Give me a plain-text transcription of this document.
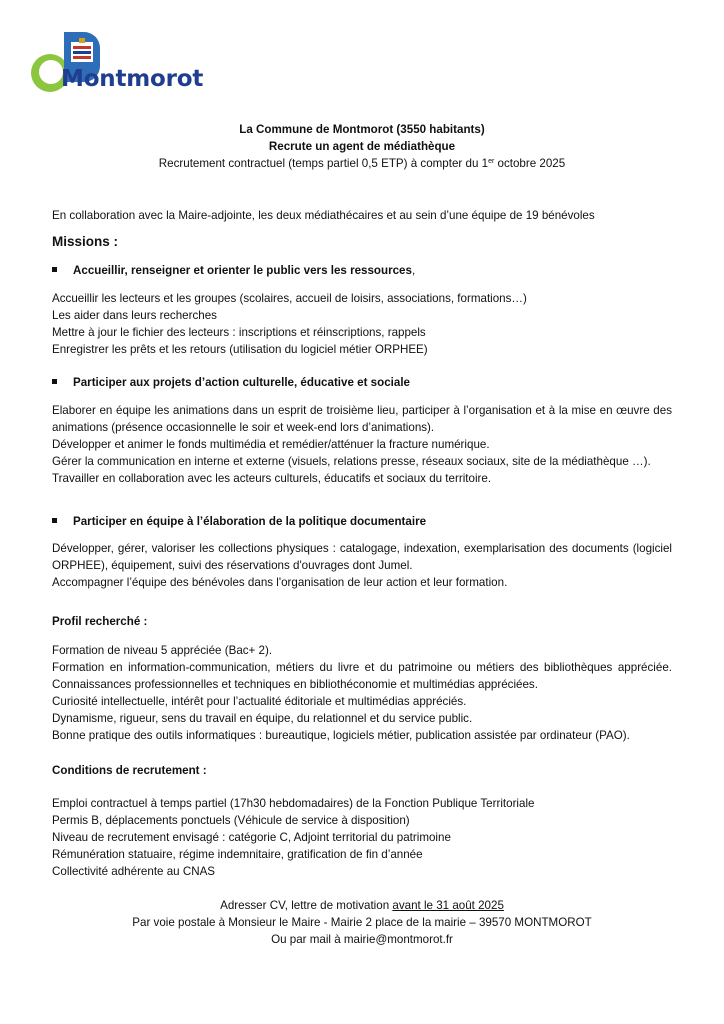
Montmorot
La Commune de Montmorot (3550 habitants)
Recrute un agent de médiathèque
Recrutement contractuel (temps partiel 0,5 ETP) à compter du 1er octobre 2025
En collaboration avec la Maire-adjointe, les deux médiathécaires et au sein d’une équipe de 19 bénévoles
Missions :
Accueillir, renseigner et orienter le public vers les ressources,
Accueillir les lecteurs et les groupes (scolaires, accueil de loisirs, associations, formations…)
Les aider dans leurs recherches
Mettre à jour le fichier des lecteurs : inscriptions et réinscriptions, rappels
Enregistrer les prêts et les retours (utilisation du logiciel métier ORPHEE)
Participer aux projets d’action culturelle, éducative et sociale
Elaborer en équipe les animations dans un esprit de troisième lieu, participer à l’organisation et à la mise en œuvre des animations (présence occasionnelle le soir et week-end lors d’animations).
Développer et animer le fonds multimédia et remédier/atténuer la fracture numérique.
Gérer la communication en interne et externe (visuels, relations presse, réseaux sociaux, site de la médiathèque …).
Travailler en collaboration avec les acteurs culturels, éducatifs et sociaux du territoire.
Participer en équipe à l’élaboration de la politique documentaire
Développer, gérer, valoriser les collections physiques : catalogage, indexation, exemplarisation des documents (logiciel ORPHEE), équipement, suivi des réservations d'ouvrages dont Jumel.
Accompagner l’équipe des bénévoles dans l'organisation de leur action et leur formation.
Profil recherché :
Formation de niveau 5 appréciée (Bac+ 2).
Formation en information-communication, métiers du livre et du patrimoine ou métiers des bibliothèques appréciée. Connaissances professionnelles et techniques en bibliothéconomie et multimédias appréciées.
Curiosité intellectuelle, intérêt pour l’actualité éditoriale et multimédias appréciés.
Dynamisme, rigueur, sens du travail en équipe, du relationnel et du service public.
Bonne pratique des outils informatiques : bureautique, logiciels métier, publication assistée par ordinateur (PAO).
Conditions de recrutement :
Emploi contractuel à temps partiel (17h30 hebdomadaires) de la Fonction Publique Territoriale
Permis B, déplacements ponctuels (Véhicule de service à disposition)
Niveau de recrutement envisagé : catégorie C, Adjoint territorial du patrimoine
Rémunération statuaire, régime indemnitaire, gratification de fin d’année
Collectivité adhérente au CNAS
Adresser CV, lettre de motivation avant le 31 août 2025
Par voie postale à Monsieur le Maire - Mairie 2 place de la mairie – 39570 MONTMOROT
Ou par mail à mairie@montmorot.fr
